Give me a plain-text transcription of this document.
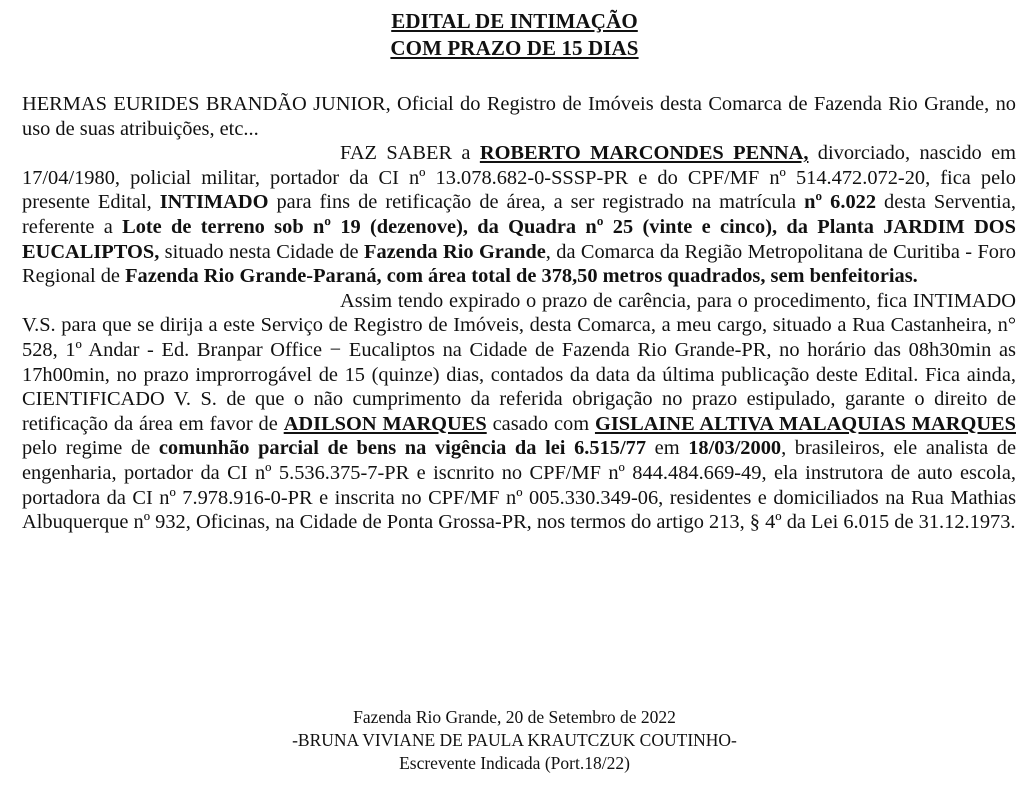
EDITAL DE INTIMAÇÃO
COM PRAZO DE 15 DIAS

HERMAS EURIDES BRANDÃO JUNIOR, Oficial do Registro de Imóveis desta Comarca de Fazenda Rio Grande, no uso de suas atribuições, etc...

FAZ SABER a ROBERTO MARCONDES PENNA, divorciado, nascido em 17/04/1980, policial militar, portador da CI nº 13.078.682-0-SSSP-PR e do CPF/MF nº 514.472.072-20, fica pelo presente Edital, INTIMADO para fins de retificação de área, a ser registrado na matrícula nº 6.022 desta Serventia, referente a Lote de terreno sob nº 19 (dezenove), da Quadra nº 25 (vinte e cinco), da Planta JARDIM DOS EUCALIPTOS, situado nesta Cidade de Fazenda Rio Grande, da Comarca da Região Metropolitana de Curitiba - Foro Regional de Fazenda Rio Grande-Paraná, com área total de 378,50 metros quadrados, sem benfeitorias.

Assim tendo expirado o prazo de carência, para o procedimento, fica INTIMADO V.S. para que se dirija a este Serviço de Registro de Imóveis, desta Comarca, a meu cargo, situado a Rua Castanheira, n° 528, 1º Andar - Ed. Branpar Office − Eucaliptos na Cidade de Fazenda Rio Grande-PR, no horário das 08h30min as 17h00min, no prazo improrrogável de 15 (quinze) dias, contados da data da última publicação deste Edital. Fica ainda, CIENTIFICADO V. S. de que o não cumprimento da referida obrigação no prazo estipulado, garante o direito de retificação da área em favor de ADILSON MARQUES casado com GISLAINE ALTIVA MALAQUIAS MARQUES pelo regime de comunhão parcial de bens na vigência da lei 6.515/77 em 18/03/2000, brasileiros, ele analista de engenharia, portador da CI nº 5.536.375-7-PR e iscnrito no CPF/MF nº 844.484.669-49, ela instrutora de auto escola, portadora da CI nº 7.978.916-0-PR e inscrita no CPF/MF nº 005.330.349-06, residentes e domiciliados na Rua Mathias Albuquerque nº 932, Oficinas, na Cidade de Ponta Grossa-PR, nos termos do artigo 213, § 4º da Lei 6.015 de 31.12.1973.

Fazenda Rio Grande, 20 de Setembro de 2022
-BRUNA VIVIANE DE PAULA KRAUTCZUK COUTINHO-
Escrevente Indicada (Port.18/22)
